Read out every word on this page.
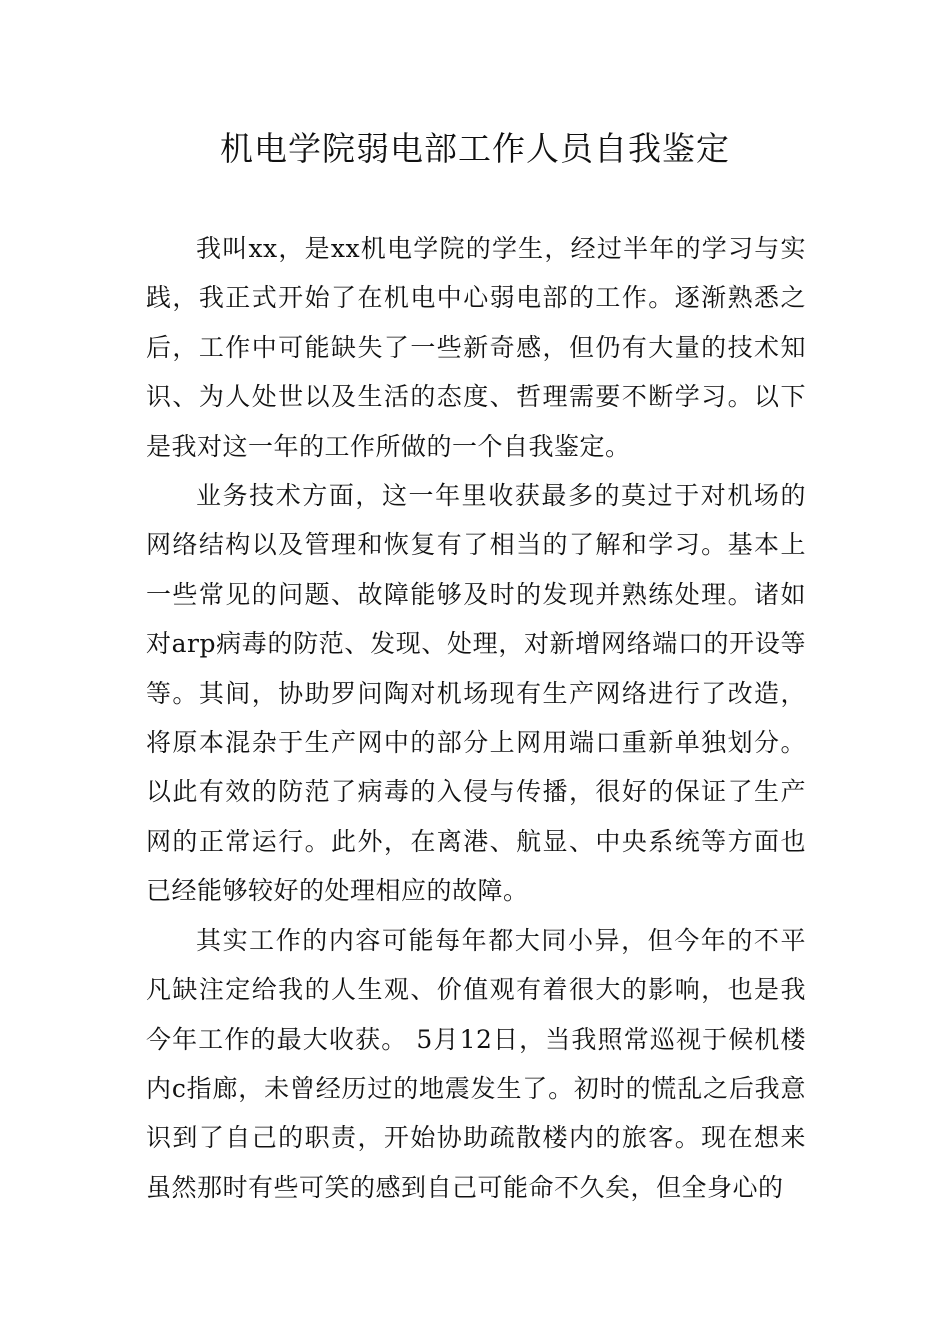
机电学院弱电部工作人员自我鉴定

我叫xx，是xx机电学院的学生，经过半年的学习与实践，我正式开始了在机电中心弱电部的工作。逐渐熟悉之后，工作中可能缺失了一些新奇感，但仍有大量的技术知识、为人处世以及生活的态度、哲理需要不断学习。以下是我对这一年的工作所做的一个自我鉴定。

业务技术方面，这一年里收获最多的莫过于对机场的网络结构以及管理和恢复有了相当的了解和学习。基本上一些常见的问题、故障能够及时的发现并熟练处理。诸如对arp病毒的防范、发现、处理，对新增网络端口的开设等等。其间，协助罗问陶对机场现有生产网络进行了改造，将原本混杂于生产网中的部分上网用端口重新单独划分。以此有效的防范了病毒的入侵与传播，很好的保证了生产网的正常运行。此外，在离港、航显、中央系统等方面也已经能够较好的处理相应的故障。

其实工作的内容可能每年都大同小异，但今年的不平凡缺注定给我的人生观、价值观有着很大的影响，也是我今年工作的最大收获。 5月12日，当我照常巡视于候机楼内c指廊，未曾经历过的地震发生了。初时的慌乱之后我意识到了自己的职责，开始协助疏散楼内的旅客。现在想来虽然那时有些可笑的感到自己可能命不久矣，但全身心的
